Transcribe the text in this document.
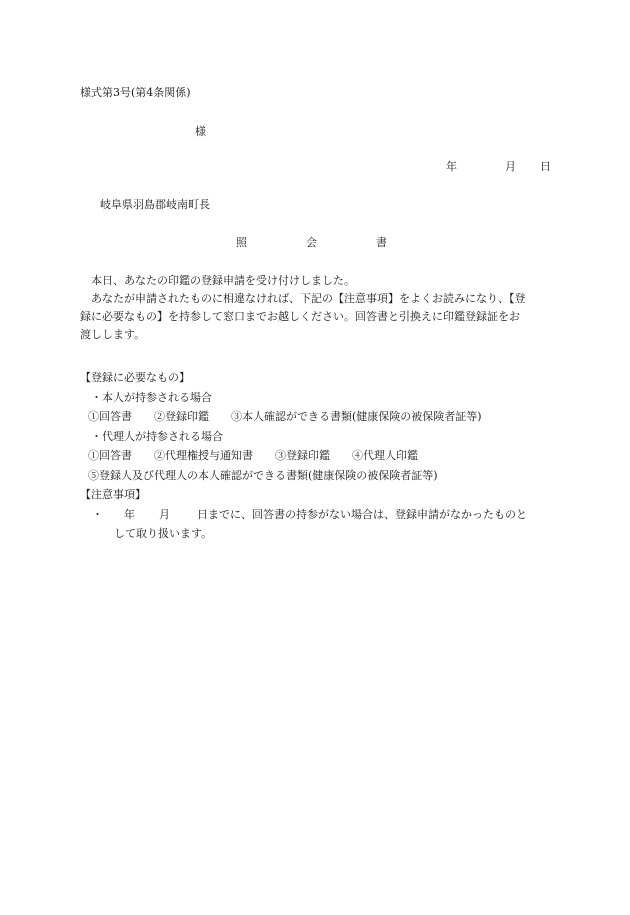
様式第3号(第4条関係)
様
年	月 日
岐阜県羽島郡岐南町長
照	会	書

本日、あなたの印鑑の登録申請を受け付けしました。

あなたが申請されたものに相違なければ、下記の【注意事項】をよくお読みになり、【登

録に必要なもの】を持参して窓口までお越しください。回答書と引換えに印鑑登録証をお

渡しします。

【登録に必要なもの】
・本人が持参される場合
①回答書 ②登録印鑑 ③本人確認ができる書類(健康保険の被保険者証等)
・代理人が持参される場合
①回答書 ②代理権授与通知書 ③登録印鑑 ④代理人印鑑
⑤登録人及び代理人の本人確認ができる書類(健康保険の被保険者証等)
【注意事項】
・ 年 月 日までに、回答書の持参がない場合は、登録申請がなかったものと
して取り扱います。
